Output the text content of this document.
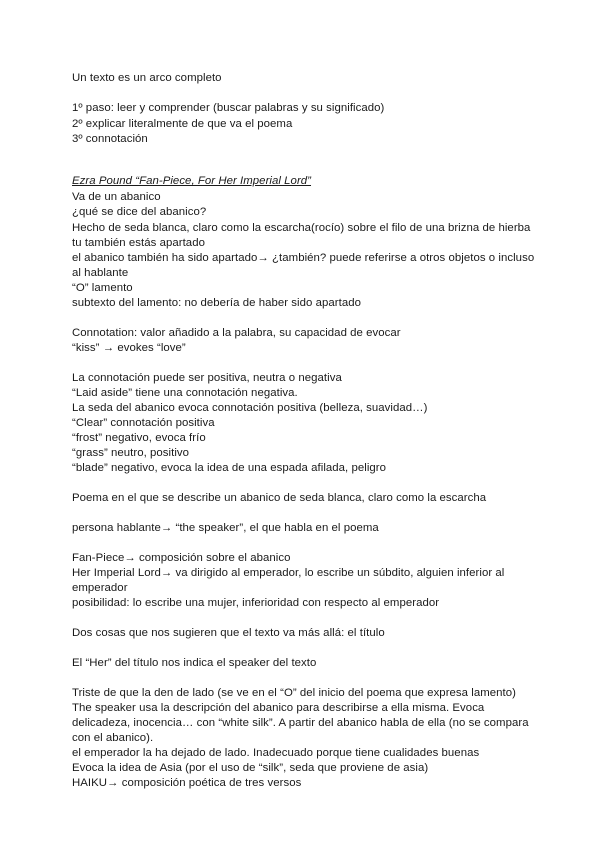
Un texto es un arco completo
1º paso: leer y comprender (buscar palabras y su significado)
2º explicar literalmente de que va el poema
3º connotación
Ezra Pound “Fan-Piece, For Her Imperial Lord”
Va de un abanico
¿qué se dice del abanico?
Hecho de seda blanca, claro como la escarcha(rocío) sobre el filo de una brizna de hierba
tu también estás apartado
el abanico también ha sido apartado→ ¿también? puede referirse a otros objetos o incluso
al hablante
“O” lamento
subtexto del lamento: no debería de haber sido apartado
Connotation: valor añadido a la palabra, su capacidad de evocar
“kiss” → evokes “love”
La connotación puede ser positiva, neutra o negativa
“Laid aside” tiene una connotación negativa.
La seda del abanico evoca connotación positiva (belleza, suavidad…)
“Clear” connotación positiva
“frost” negativo, evoca frío
“grass” neutro, positivo
“blade” negativo, evoca la idea de una espada afilada, peligro
Poema en el que se describe un abanico de seda blanca, claro como la escarcha
persona hablante→ “the speaker”, el que habla en el poema
Fan-Piece→ composición sobre el abanico
Her Imperial Lord→ va dirigido al emperador, lo escribe un súbdito, alguien inferior al
emperador
posibilidad: lo escribe una mujer, inferioridad con respecto al emperador
Dos cosas que nos sugieren que el texto va más allá: el título
El “Her” del título nos indica el speaker del texto
Triste de que la den de lado (se ve en el “O” del inicio del poema que expresa lamento)
The speaker usa la descripción del abanico para describirse a ella misma. Evoca
delicadeza, inocencia… con “white silk”. A partir del abanico habla de ella (no se compara
con el abanico).
el emperador la ha dejado de lado. Inadecuado porque tiene cualidades buenas
Evoca la idea de Asia (por el uso de “silk”, seda que proviene de asia)
HAIKU→ composición poética de tres versos
